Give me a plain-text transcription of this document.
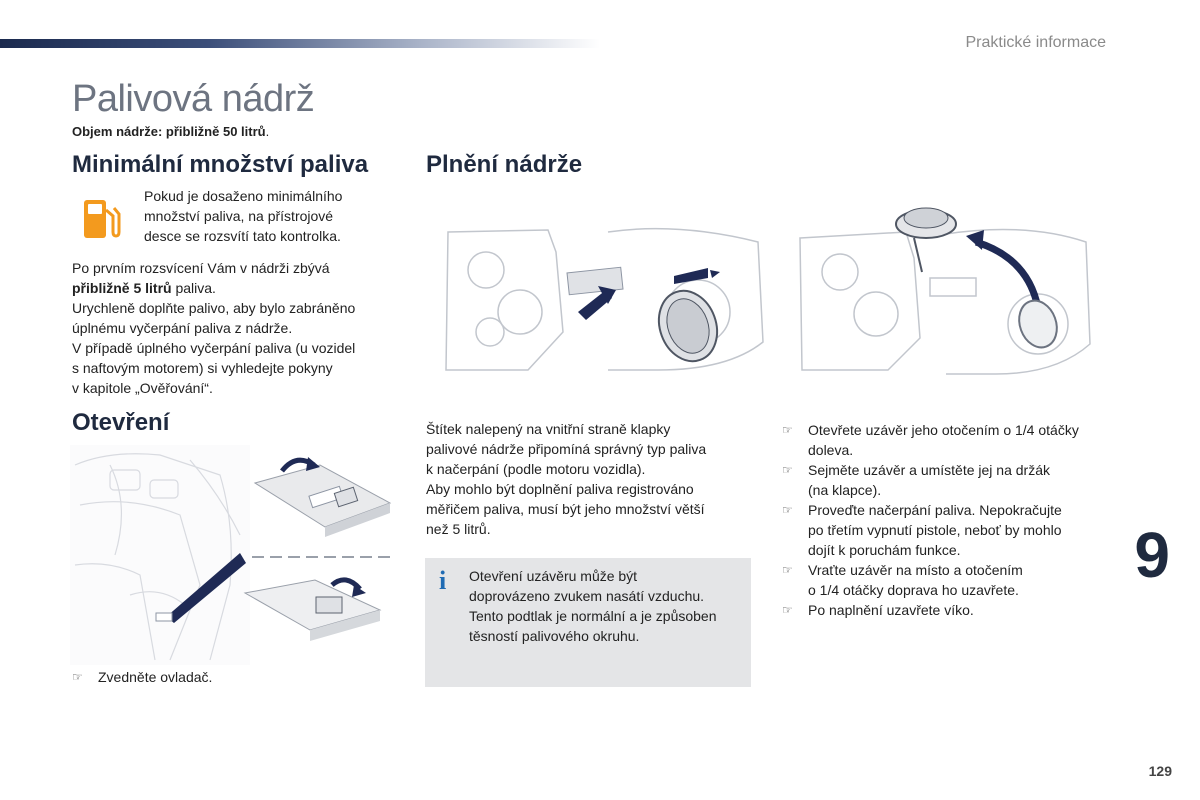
Praktické informace
Palivová nádrž
Objem nádrže: přibližně 50 litrů.
Minimální množství paliva

Pokud je dosaženo minimálního

množství paliva, na přístrojové

desce se rozsvítí tato kontrolka.

Po prvním rozsvícení Vám v nádrži zbývá

přibližně 5 litrů paliva.

Urychleně doplňte palivo, aby bylo zabráněno

úplnému vyčerpání paliva z nádrže.

V případě úplného vyčerpání paliva (u vozidel

s naftovým motorem) si vyhledejte pokyny

v kapitole „Ověřování“.

Otevření
☞	Zvedněte ovladač.
Plnění nádrže

Štítek nalepený na vnitřní straně klapky

palivové nádrže připomíná správný typ paliva

k načerpání (podle motoru vozidla).

Aby mohlo být doplnění paliva registrováno

měřičem paliva, musí být jeho množství větší

než 5 litrů.

i Otevření uzávěru může být

doprovázeno zvukem nasátí vzduchu.

Tento podtlak je normální a je způsoben

těsností palivového okruhu.

☞	Otevřete uzávěr jeho otočením o 1/4 otáčky

doleva.

☞	Sejměte uzávěr a umístěte jej na držák

(na klapce).

☞	Proveďte načerpání paliva. Nepokračujte

po třetím vypnutí pistole, neboť by mohlo

dojít k poruchám funkce.

☞	Vraťte uzávěr na místo a otočením

o 1/4 otáčky doprava ho uzavřete.

☞	Po naplnění uzavřete víko.

9
129
